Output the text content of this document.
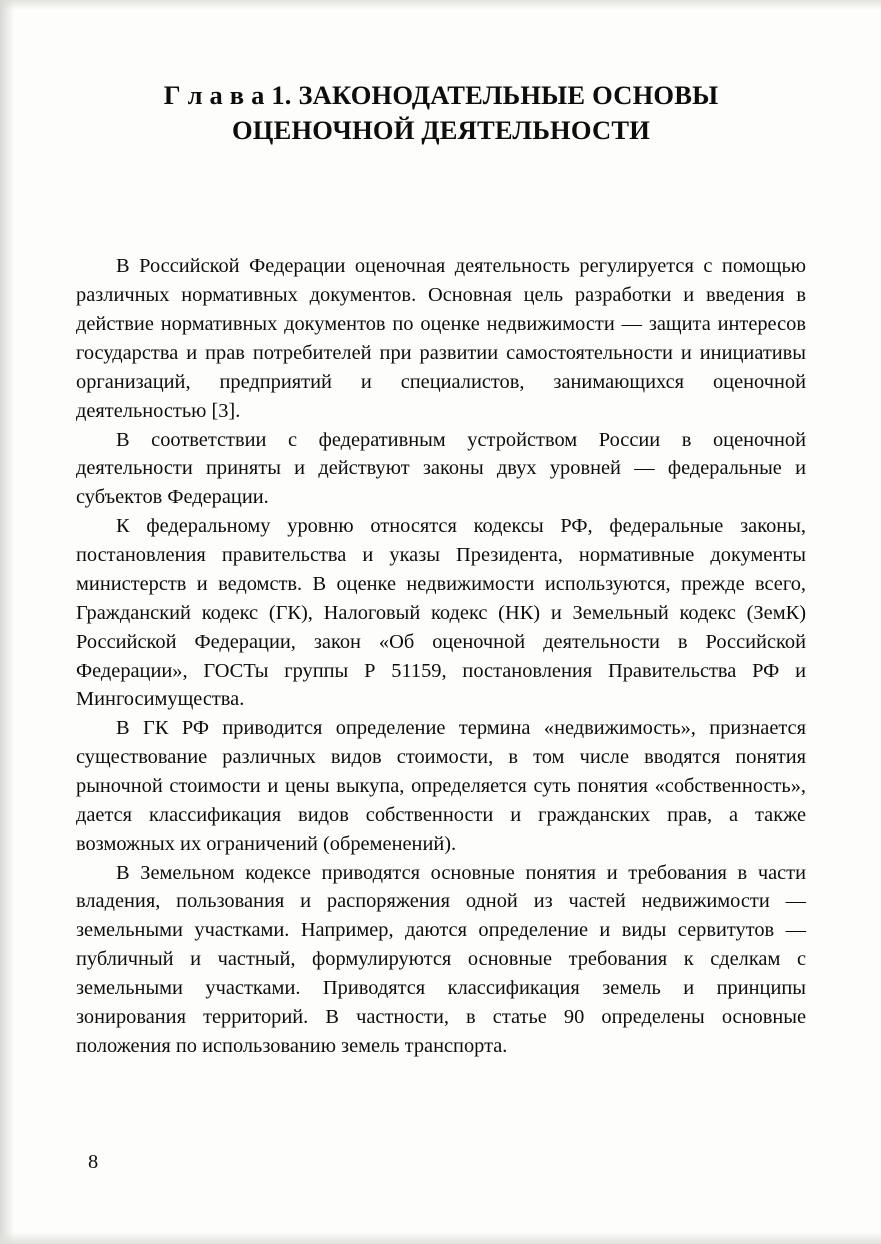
Г л а в а 1. ЗАКОНОДАТЕЛЬНЫЕ ОСНОВЫ
ОЦЕНОЧНОЙ ДЕЯТЕЛЬНОСТИ

В Российской Федерации оценочная деятельность регулируется с помощью различных нормативных документов. Основная цель разработки и введения в действие нормативных документов по оценке недвижимости — защита интересов государства и прав потребителей при развитии самостоятельности и инициативы организаций, предприятий и специалистов, занимающихся оценочной деятельностью [3].

В соответствии с федеративным устройством России в оценочной деятельности приняты и действуют законы двух уровней — федеральные и субъектов Федерации.

К федеральному уровню относятся кодексы РФ, федеральные законы, постановления правительства и указы Президента, нормативные документы министерств и ведомств. В оценке недвижимости используются, прежде всего, Гражданский кодекс (ГК), Налоговый кодекс (НК) и Земельный кодекс (ЗемК) Российской Федерации, закон «Об оценочной деятельности в Российской Федерации», ГОСТы группы Р 51159, постановления Правительства РФ и Мингосимущества.

В ГК РФ приводится определение термина «недвижимость», признается существование различных видов стоимости, в том числе вводятся понятия рыночной стоимости и цены выкупа, определяется суть понятия «собственность», дается классификация видов собственности и гражданских прав, а также возможных их ограничений (обременений).

В Земельном кодексе приводятся основные понятия и требования в части владения, пользования и распоряжения одной из частей недвижимости — земельными участками. Например, даются определение и виды сервитутов — публичный и частный, формулируются основные требования к сделкам с земельными участками. Приводятся классификация земель и принципы зонирования территорий. В частности, в статье 90 определены основные положения по использованию земель транспорта.

8
